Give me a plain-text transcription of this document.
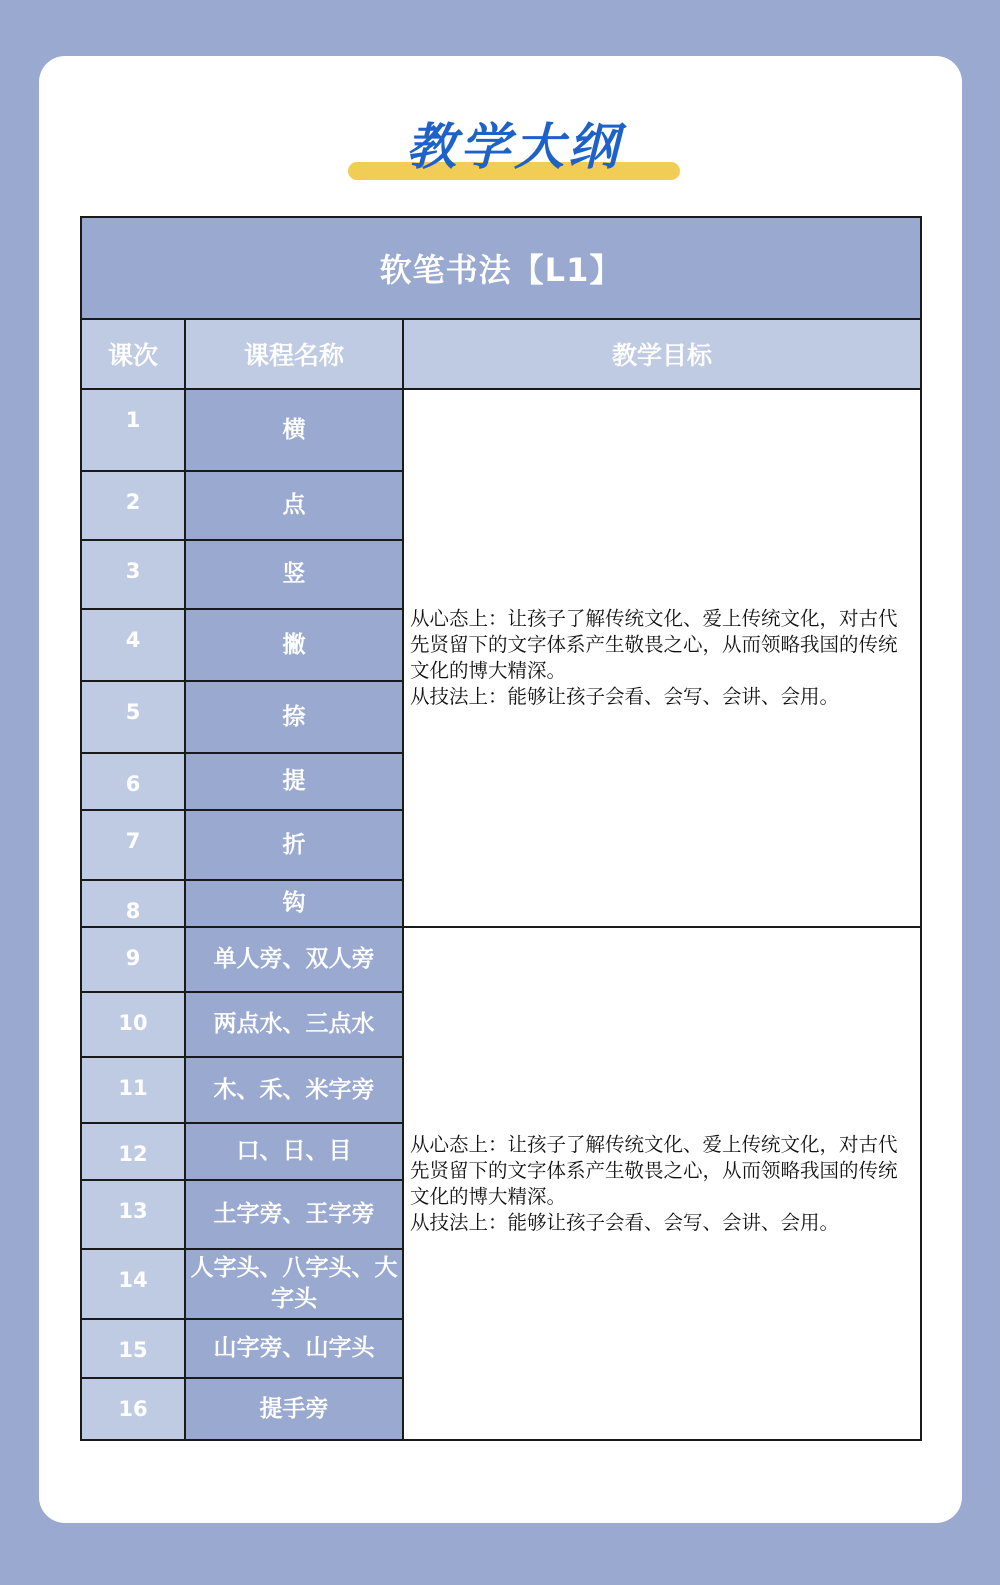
教学大纲
软笔书法【L1】		
课次	课程名称	教学目标
1	横	从心态上：让孩子了解传统文化、爱上传统文化，对古代先贤留下的文字体系产生敬畏之心，从而领略我国的传统文化的博大精深。
从技法上：能够让孩子会看、会写、会讲、会用。
2	点	
3	竖	
4	撇	
5	捺	
6	提	
7	折	
8	钩	
9	单人旁、双人旁	从心态上：让孩子了解传统文化、爱上传统文化，对古代先贤留下的文字体系产生敬畏之心，从而领略我国的传统文化的博大精深。
从技法上：能够让孩子会看、会写、会讲、会用。
10	两点水、三点水	
11	木、禾、米字旁	
12	口、日、目	
13	土字旁、王字旁	
14	人字头、八字头、大字头	
15	山字旁、山字头	
16	提手旁	
